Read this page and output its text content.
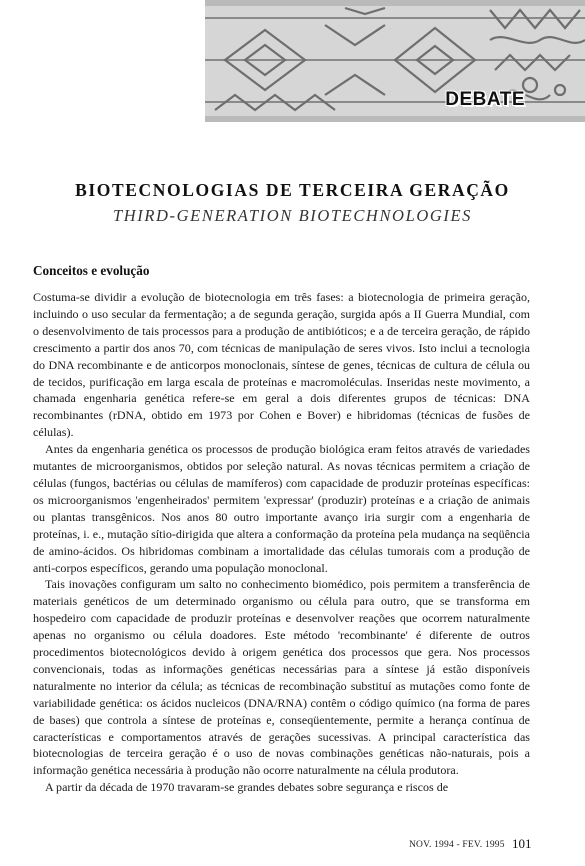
DEBATE
BIOTECNOLOGIAS DE TERCEIRA GERAÇÃO
THIRD-GENERATION BIOTECHNOLOGIES
Conceitos e evolução

Costuma-se dividir a evolução de biotecnologia em três fases: a biotecnologia de primeira geração, incluindo o uso secular da fermentação; a de segunda geração, surgida após a II Guerra Mundial, com o desenvolvimento de tais processos para a produção de antibióticos; e a de terceira geração, de rápido crescimento a partir dos anos 70, com técnicas de manipulação de seres vivos. Isto inclui a tecnologia do DNA recombinante e de anticorpos monoclonais, síntese de genes, técnicas de cultura de célula ou de tecidos, purificação em larga escala de proteínas e macromoléculas. Inseridas neste movimento, a chamada engenharia genética refere-se em geral a dois diferentes grupos de técnicas: DNA recombinantes (rDNA, obtido em 1973 por Cohen e Bover) e hibridomas (técnicas de fusões de células).

Antes da engenharia genética os processos de produção biológica eram feitos através de variedades mutantes de microorganismos, obtidos por seleção natural. As novas técnicas permitem a criação de células (fungos, bactérias ou células de mamíferos) com capacidade de produzir proteínas específicas: os microorganismos 'engenheirados' permitem 'expressar' (produzir) proteínas e a criação de animais ou plantas transgênicos. Nos anos 80 outro importante avanço iria surgir com a engenharia de proteínas, i. e., mutação sítio-dirigida que altera a conformação da proteína pela mudança na seqüência de amino-ácidos. Os hibridomas combinam a imortalidade das células tumorais com a produção de anti-corpos específicos, gerando uma população monoclonal.

Tais inovações configuram um salto no conhecimento biomédico, pois permitem a transferência de materiais genéticos de um determinado organismo ou célula para outro, que se transforma em hospedeiro com capacidade de produzir proteínas e desenvolver reações que ocorrem naturalmente apenas no organismo ou célula doadores. Este método 'recombinante' é diferente de outros procedimentos biotecnológicos devido à origem genética dos processos que gera. Nos processos convencionais, todas as informações genéticas necessárias para a síntese já estão disponíveis naturalmente no interior da célula; as técnicas de recombinação substituí as mutações como fonte de variabilidade genética: os ácidos nucleicos (DNA/RNA) contêm o código químico (na forma de pares de bases) que controla a síntese de proteínas e, conseqüentemente, permite a herança contínua de características e comportamentos através de gerações sucessivas. A principal característica das biotecnologias de terceira geração é o uso de novas combinações genéticas não-naturais, pois a informação genética necessária à produção não ocorre naturalmente na célula produtora.

A partir da década de 1970 travaram-se grandes debates sobre segurança e riscos de

NOV. 1994 - FEV. 1995 101
